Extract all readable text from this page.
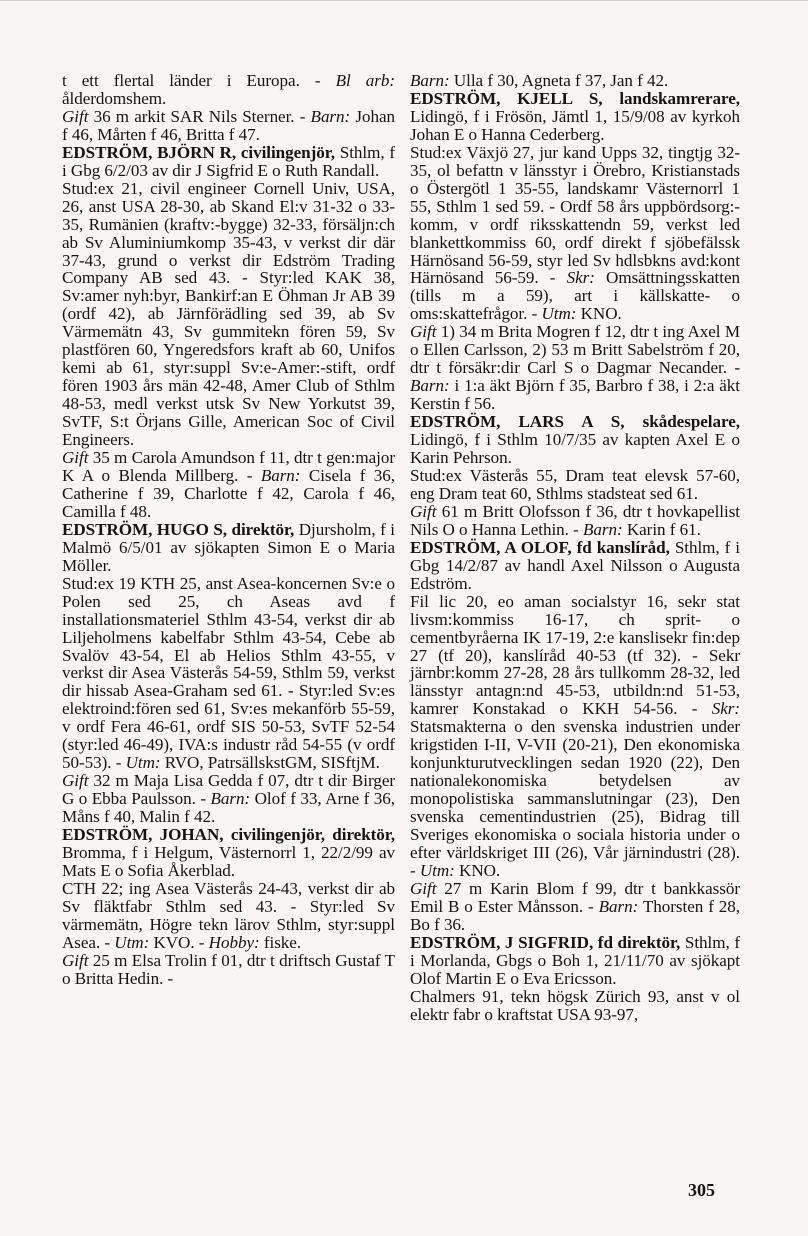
t ett flertal länder i Europa. - Bl arb: ålderdomshem.

Gift 36 m arkit SAR Nils Sterner. - Barn: Johan f 46, Mårten f 46, Britta f 47.

EDSTRÖM, BJÖRN R, civilingenjör, Sthlm, f i Gbg 6/2/03 av dir J Sigfrid E o Ruth Randall.

Stud:ex 21, civil engineer Cornell Univ, USA, 26, anst USA 28-30, ab Skand El:v 31-32 o 33-35, Rumänien (kraftv:-bygge) 32-33, försäljn:ch ab Sv Aluminiumkomp 35-43, v verkst dir där 37-43, grund o verkst dir Edström Trading Company AB sed 43. - Styr:led KAK 38, Sv:amer nyh:byr, Bankirf:an E Öhman Jr AB 39 (ordf 42), ab Järnförädling sed 39, ab Sv Värmemätn 43, Sv gummitekn fören 59, Sv plastfören 60, Yngeredsfors kraft ab 60, Unifos kemi ab 61, styr:suppl Sv:e-Amer:-stift, ordf fören 1903 års män 42-48, Amer Club of Sthlm 48-53, medl verkst utsk Sv New Yorkutst 39, SvTF, S:t Örjans Gille, American Soc of Civil Engineers.

Gift 35 m Carola Amundson f 11, dtr t gen:major K A o Blenda Millberg. - Barn: Cisela f 36, Catherine f 39, Charlotte f 42, Carola f 46, Camilla f 48.

EDSTRÖM, HUGO S, direktör, Djursholm, f i Malmö 6/5/01 av sjökapten Simon E o Maria Möller.

Stud:ex 19 KTH 25, anst Asea-koncernen Sv:e o Polen sed 25, ch Aseas avd f installationsmateriel Sthlm 43-54, verkst dir ab Liljeholmens kabelfabr Sthlm 43-54, Cebe ab Svalöv 43-54, El ab Helios Sthlm 43-55, v verkst dir Asea Västerås 54-59, Sthlm 59, verkst dir hissab Asea-Graham sed 61. - Styr:led Sv:es elektroind:fören sed 61, Sv:es mekanförb 55-59, v ordf Fera 46-61, ordf SIS 50-53, SvTF 52-54 (styr:led 46-49), IVA:s industr råd 54-55 (v ordf 50-53). - Utm: RVO, PatrsällskstGM, SISftjM.

Gift 32 m Maja Lisa Gedda f 07, dtr t dir Birger G o Ebba Paulsson. - Barn: Olof f 33, Arne f 36, Måns f 40, Malin f 42.

EDSTRÖM, JOHAN, civilingenjör, direktör, Bromma, f i Helgum, Västernorrl 1, 22/2/99 av Mats E o Sofia Åkerblad.

CTH 22; ing Asea Västerås 24-43, verkst dir ab Sv fläktfabr Sthlm sed 43. - Styr:led Sv värmemätn, Högre tekn lärov Sthlm, styr:suppl Asea. - Utm: KVO. - Hobby: fiske.

Gift 25 m Elsa Trolin f 01, dtr t driftsch Gustaf T o Britta Hedin. -

Barn: Ulla f 30, Agneta f 37, Jan f 42.

EDSTRÖM, KJELL S, landskamrerare, Lidingö, f i Frösön, Jämtl 1, 15/9/08 av kyrkoh Johan E o Hanna Cederberg.

Stud:ex Växjö 27, jur kand Upps 32, tingtjg 32-35, ol befattn v länsstyr i Örebro, Kristianstads o Östergötl 1 35-55, landskamr Västernorrl 1 55, Sthlm 1 sed 59. - Ordf 58 års uppbördsorg:-komm, v ordf riksskattendn 59, verkst led blankettkommiss 60, ordf direkt f sjöbefälssk Härnösand 56-59, styr led Sv hdlsbkns avd:kont Härnösand 56-59. - Skr: Omsättningsskatten (tills m a 59), art i källskatte- o oms:skattefrågor. - Utm: KNO.

Gift 1) 34 m Brita Mogren f 12, dtr t ing Axel M o Ellen Carlsson, 2) 53 m Britt Sabelström f 20, dtr t försäkr:dir Carl S o Dagmar Necander. - Barn: i 1:a äkt Björn f 35, Barbro f 38, i 2:a äkt Kerstin f 56.

EDSTRÖM, LARS A S, skådespelare, Lidingö, f i Sthlm 10/7/35 av kapten Axel E o Karin Pehrson.

Stud:ex Västerås 55, Dram teat elevsk 57-60, eng Dram teat 60, Sthlms stadsteat sed 61.

Gift 61 m Britt Olofsson f 36, dtr t hovkapellist Nils O o Hanna Lethin. - Barn: Karin f 61.

EDSTRÖM, A OLOF, fd kanslíråd, Sthlm, f i Gbg 14/2/87 av handl Axel Nilsson o Augusta Edström.

Fil lic 20, eo aman socialstyr 16, sekr stat livsm:kommiss 16-17, ch sprit- o cementbyråerna IK 17-19, 2:e kanslisekr fin:dep 27 (tf 20), kanslíråd 40-53 (tf 32). - Sekr järnbr:komm 27-28, 28 års tullkomm 28-32, led länsstyr antagn:nd 45-53, utbildn:nd 51-53, kamrer Konstakad o KKH 54-56. - Skr: Statsmakterna o den svenska industrien under krigstiden I-II, V-VII (20-21), Den ekonomiska konjunkturutvecklingen sedan 1920 (22), Den nationalekonomiska betydelsen av monopolistiska sammanslutningar (23), Den svenska cementindustrien (25), Bidrag till Sveriges ekonomiska o sociala historia under o efter världskriget III (26), Vår järnindustri (28). - Utm: KNO.

Gift 27 m Karin Blom f 99, dtr t bankkassör Emil B o Ester Månsson. - Barn: Thorsten f 28, Bo f 36.

EDSTRÖM, J SIGFRID, fd direktör, Sthlm, f i Morlanda, Gbgs o Boh 1, 21/11/70 av sjökapt Olof Martin E o Eva Ericsson.

Chalmers 91, tekn högsk Zürich 93, anst v ol elektr fabr o kraftstat USA 93-97,

305
